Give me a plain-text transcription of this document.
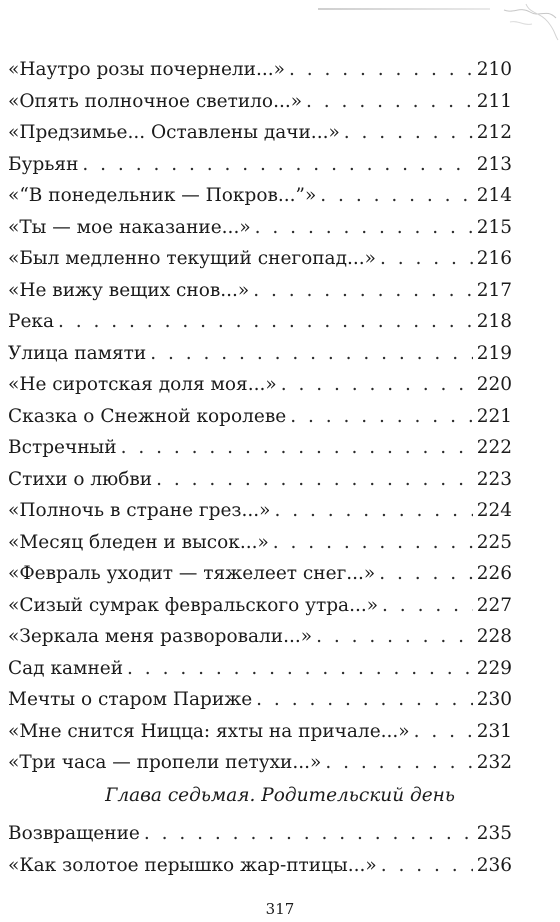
«Наутро розы почернели...» . . .	210
«Опять полночное светило...» . . .	211
«Предзимье... Оставлены дачи...» . . .	212
Бурьян . . .	213
«“В понедельник — Покров...”» . . .	214
«Ты — мое наказание...» . . .	215
«Был медленно текущий снегопад...» . . .	216
«Не вижу вещих снов...» . . .	217
Река . . .	218
Улица памяти . . .	219
«Не сиротская доля моя...» . . .	220
Сказка о Снежной королеве . . .	221
Встречный . . .	222
Стихи о любви . . .	223
«Полночь в стране грез...» . . .	224
«Месяц бледен и высок...» . . .	225
«Февраль уходит — тяжелеет снег...» . . .	226
«Сизый сумрак февральского утра...» . . .	227
«Зеркала меня разворовали...» . . .	228
Сад камней . . .	229
Мечты о старом Париже . . .	230
«Мне снится Ницца: яхты на причале...» . . .	231
«Три часа — пропели петухи...» . . .	232
Глава седьмая. Родительский день
Возвращение . . .	235
«Как золотое перышко жар-птицы...» . . .	236
317
